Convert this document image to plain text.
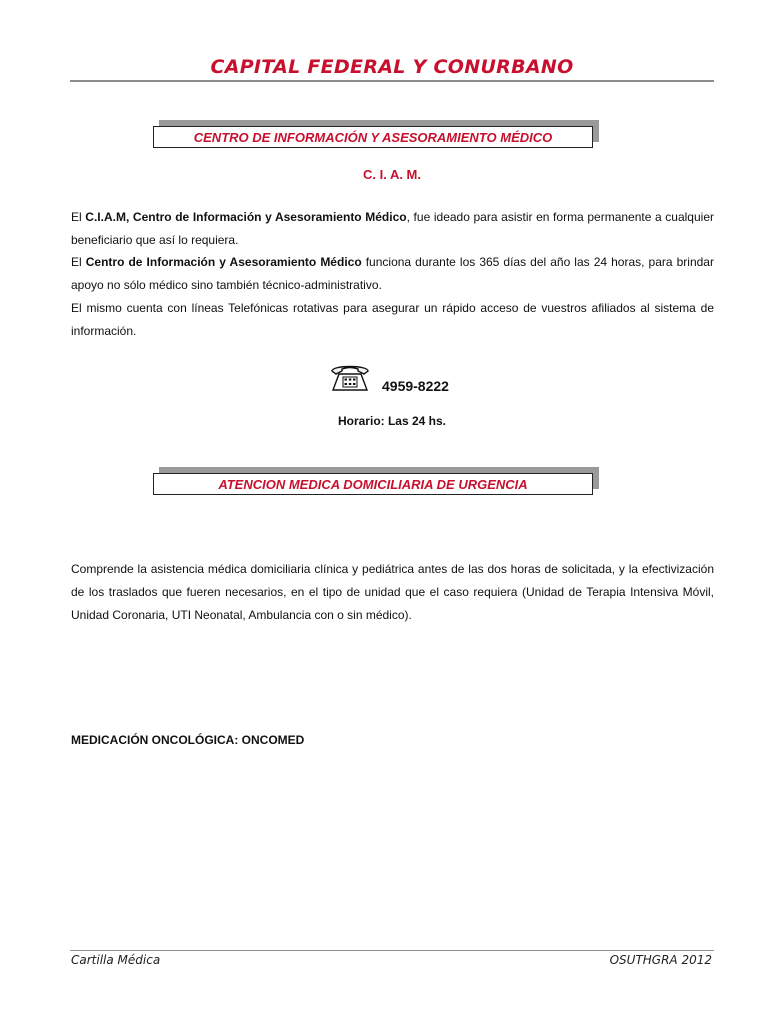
CAPITAL FEDERAL Y CONURBANO
CENTRO DE INFORMACIÓN Y ASESORAMIENTO MÉDICO
C. I. A. M.
El C.I.A.M, Centro de Información y Asesoramiento Médico, fue ideado para asistir en forma permanente a cualquier beneficiario que así lo requiera.
El Centro de Información y Asesoramiento Médico funciona durante los 365 días del año las 24 horas, para brindar apoyo no sólo médico sino también técnico-administrativo.
El mismo cuenta con líneas Telefónicas rotativas para asegurar un rápido acceso de vuestros afiliados al sistema de información.
4959-8222
Horario: Las 24 hs.
ATENCION MEDICA DOMICILIARIA DE URGENCIA
Comprende la asistencia médica domiciliaria clínica y pediátrica antes de las dos horas de solicitada, y la efectivización de los traslados que fueren necesarios, en el tipo de unidad que el caso requiera (Unidad de Terapia Intensiva Móvil, Unidad Coronaria, UTI Neonatal, Ambulancia con o sin médico).
MEDICACIÓN ONCOLÓGICA: ONCOMED
Cartilla Médica	OSUTHGRA 2012
